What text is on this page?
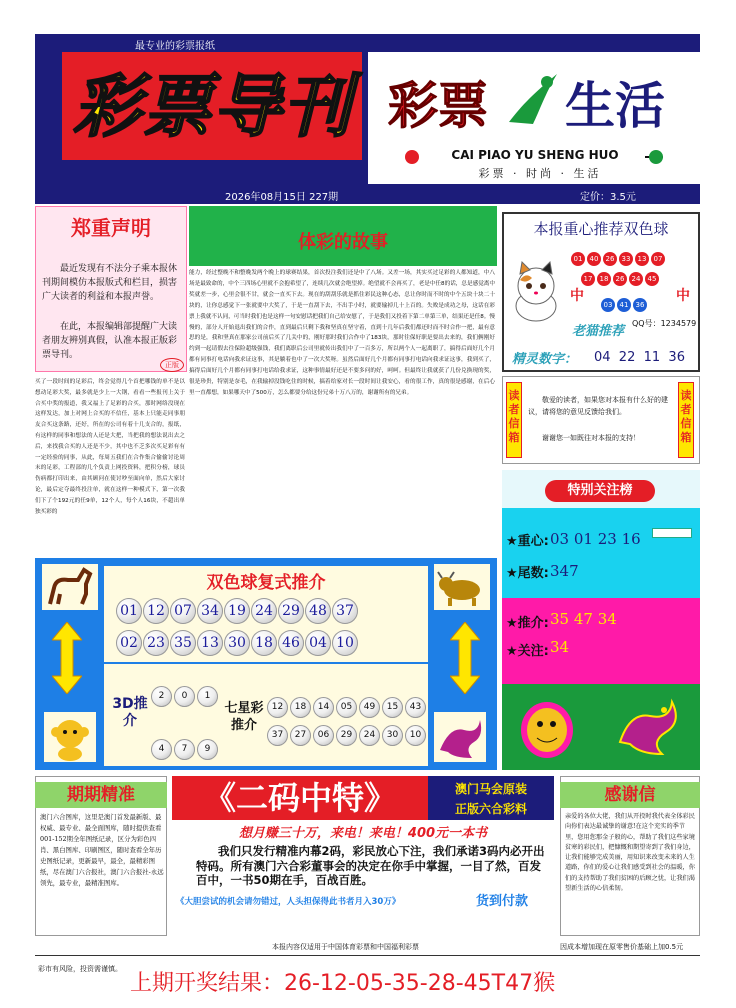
最专业的彩票报纸
彩票导刊 彩票 生活
CAI PIAO YU SHENG HUO
彩票 · 时尚 · 生活
2026年08月15日 227期	定价：3.5元
郑重声明
最近发现有不法分子乘本报休刊期间模仿本报版式和栏目，损害广大读者的利益和本报声誉。
在此，本报编辑部提醒广大读者朋友辨别真假，认准本报正版彩票导刊。
正版
体彩的故事
能力，经过整晚不和整晚发两个晚上的球赛结果，首次投注我们还是中了八场。又差一场，其实买过足彩的人都知道，中八场是最致命的，中个三四场心里就不会抱希望了，连续几次就会绝望掉。绝望就不会再买了，老是中任8的话，总是感觉离中奖就差一步，心里会很不甘，就会一直买下去。现在的刮刮乐就是抓住彩民这种心态，总让你时而不时的中个五块十块二十块的，让你总感觉下一张就要中大奖了，于是一直刮下去，不出手小时，就要输掉几十上百的。失败是成功之母，这话在彩票上我就不认同，可当时我们也是这样一句安慰话把我们自己给安慰了，于是我们又投着下第二单第三单，结果还是任8。慢慢的，部分人开始退出我们的合作，直到最后只剩下我和坚真在坚守着，直到十几年后我们都还时而不时合作一把，最有意思的是，我和坚真在那家公司前后买了几关中的，刚好那时我们合作中了183块，那时往保好职是要出去来的，我们俩刚好约到一起请假去往保险超级强钱，我们离职后公司里就传出我们中了一百多万，所以两个人一起离职了，搞得后面好几个月都有同事打电话向我求证这事，其是躺着也中了一次大奖呀。虽然后面好几个月都有同事打电话向我求证这事，我到买了，搞得后面好几个月都有同事打电话给我求证，这种事情最好还是不要多问的好，呵呵。但最终让我就获了几份兑换现的奖，很是珍贵，特别是奈毛，在我输掉没钱吃住的时候，搞着给家对长一段时间让我安心，看的很工作，真的很是感谢，在后心里一直都想，如果哪天中了500万，怎么都要分给这份兄弟十万八万的，谢谢所有的兄弟。
买了一段时间的足彩后，终会觉得几个首把哪钱的单不是以想动足彩大奖，最多就是少上一大钢，看看一些报刊上关于合买中奖的报道，我又福上了足彩的合买，那时网络没现在这样发达，加上对网上合买的不信任，基本上只能走同事朋友合买这条路，还好，所在的公司有着十几支合的，报纸，有这样的同事和想法的人还是大把，当把我的想法说出去之后，来找我合买的人还是不少，其中也不乏多次买足彩有有一定经验的同事，从此，每周五我们在合作集合偷偷讨论周末的足彩，工程部的几个负责上网投资料，把积分榜，球员伤病都打印出来，由其顾问在使讨吵至面向单，然后大家讨论，最后定夺最终投注单，就在这样一种模式下，第一次我们下了个192元的任9单，12个人，每个人16块，不超出单独买彩的
本报重心推荐双色球
01 40 26 33 13 07
17 18 26 24 45
03 41 36
中	中
老猫推荐
QQ号：1234579
精灵数字： 04  22  11  36
读者信箱
读者信箱
敬爱的读者，如果您对本报有什么好的建议，请将您的意见反馈给我们。
谢谢您一如既往对本报的支持！
特别关注榜
★重心: 03 01 23 16
★尾数: 347
★推介: 35 47 34
★关注: 34
双色球复式推介
01 12 07 34 19 24 29 48 37
02 23 35 13 30 18 46 04 10
3D推介
2 0 1
4 7 9
七星彩推介
12 18 14 05 49 15 43
37 27 06 29 24 30 10
期期精准
澳门六合图库，这里是澳门首发最新版、最权威、最专业、最全面图库，随时提供查看001-152期全年图纸记录，区分为彩色四肖、黑白图库、印刷图区，随时查看全年历史图纸记录，更新最早，最全，最精彩图纸，尽在澳门六合报社，澳门六合报社-永远领先，最专业，最精准图库。
《二码中特》	澳门马会原装
正版六合彩料
想月赚三十万，来电！来电！400元一本书
我们只发行精准内幕2码，彩民放心下注，我们承诺3码内必开出特码。所有澳门六合彩董事会的决定在你手中掌握，一目了然，百发百中，一书50期在手，百战百胜。
《大胆尝试的机会请勿错过，人头担保得此书者月入30万》	货到付款
感谢信
亲爱的各位大佬，我们从开投时我代表全体彩民向你们表达最诚挚的谢意!在这个充实的季节里，您用您那金子般的心，帮助了我们这些家境贫寒的彩民们，把慷慨和期望寄到了我们身边，让我们能够完成美丽，用知识来改变未来的人生道路，你们的爱心让我们感受到社会的温暖，你们的支持帮助了我们贫困的后顾之忧，让我们渴望新生活的心信柔韧。
本报内容仅适用于中国体育彩票和中国福利彩票	因成本增加现在原零售价基础上加0.5元
彩市有风险，投资需谨慎。
上期开奖结果：26-12-05-35-28-45T47猴
